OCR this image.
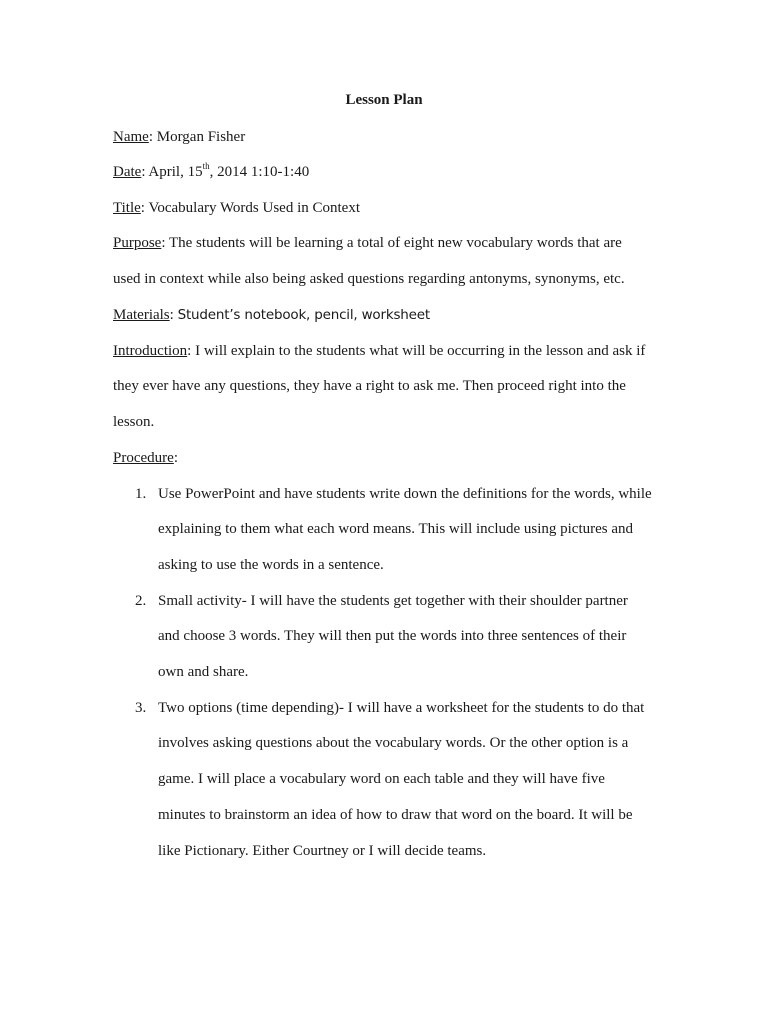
Lesson Plan
Name: Morgan Fisher
Date: April, 15th, 2014 1:10-1:40
Title: Vocabulary Words Used in Context
Purpose: The students will be learning a total of eight new vocabulary words that are
used in context while also being asked questions regarding antonyms, synonyms, etc.
Materials: Student’s notebook, pencil, worksheet
Introduction: I will explain to the students what will be occurring in the lesson and ask if
they ever have any questions, they have a right to ask me. Then proceed right into the
lesson.
Procedure:
1. Use PowerPoint and have students write down the definitions for the words, while
explaining to them what each word means. This will include using pictures and
asking to use the words in a sentence.
2. Small activity- I will have the students get together with their shoulder partner
and choose 3 words. They will then put the words into three sentences of their
own and share.
3. Two options (time depending)- I will have a worksheet for the students to do that
involves asking questions about the vocabulary words. Or the other option is a
game. I will place a vocabulary word on each table and they will have five
minutes to brainstorm an idea of how to draw that word on the board. It will be
like Pictionary. Either Courtney or I will decide teams.
